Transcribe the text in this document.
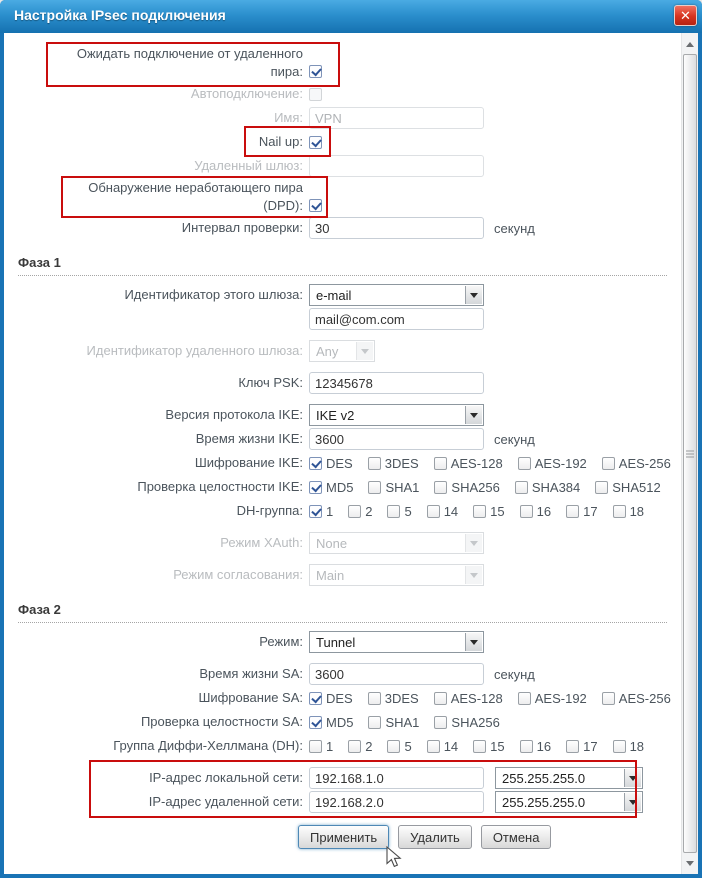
Настройка IPsec подключения	✕
Ожидать подключение от удаленного пира:
Автоподключение:
Имя:
VPN
Nail up:
Удаленный шлюз:
Обнаружение неработающего пира (DPD):
Интервал проверки:
30	секунд
Фаза 1
Идентификатор этого шлюза: e-mail
mail@com.com
Идентификатор удаленного шлюза: Any
Ключ PSK:
12345678
Версия протокола IKE: IKE v2
Время жизни IKE:
3600	секунд
Шифрование IKE: DES 3DES AES-128 AES-192 AES-256
Проверка целостности IKE: MD5 SHA1 SHA256 SHA384 SHA512
DH-группа: 1 2 5 14 15 16 17 18
Режим XAuth: None
Режим согласования: Main
Фаза 2
Режим: Tunnel
Время жизни SA:
3600	секунд
Шифрование SA: DES 3DES AES-128 AES-192 AES-256
Проверка целостности SA: MD5 SHA1 SHA256
Группа Диффи-Хеллмана (DH): 1 2 5 14 15 16 17 18
IP-адрес локальной сети:
192.168.1.0	255.255.255.0
IP-адрес удаленной сети:
192.168.2.0	255.255.255.0
Применить	Удалить	Отмена
